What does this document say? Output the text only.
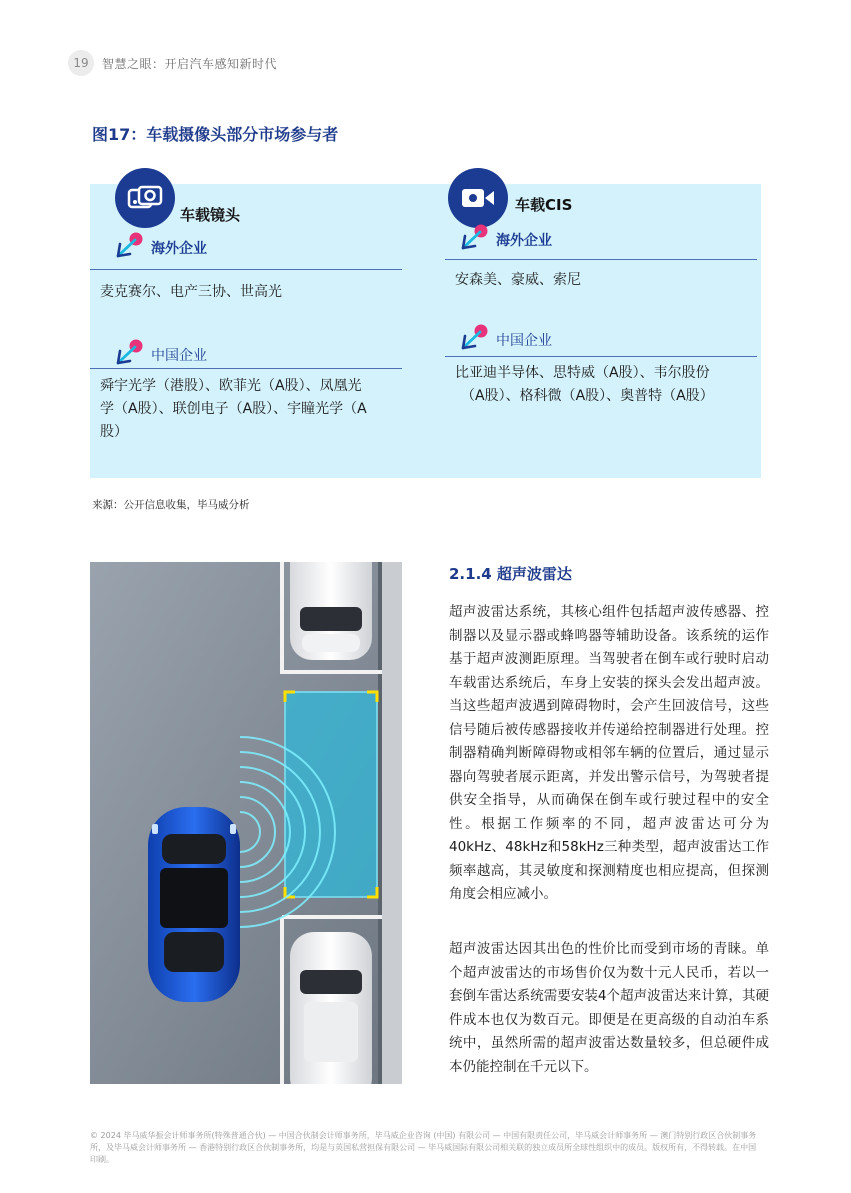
19	智慧之眼：开启汽车感知新时代
图17：车载摄像头部分市场参与者
车载镜头
海外企业
麦克赛尔、电产三协、世高光
中国企业
舜宇光学（港股）、欧菲光（A股）、凤凰光
学（A股）、联创电子（A股）、宇瞳光学（A
股）
车载CIS
海外企业
安森美、豪威、索尼
中国企业
比亚迪半导体、思特威（A股）、韦尔股份
（A股）、格科微（A股）、奥普特（A股）
来源：公开信息收集，毕马威分析
2.1.4 超声波雷达

超声波雷达系统，其核心组件包括超声波传感器、控制器以及显示器或蜂鸣器等辅助设备。该系统的运作基于超声波测距原理。当驾驶者在倒车或行驶时启动车载雷达系统后，车身上安装的探头会发出超声波。当这些超声波遇到障碍物时，会产生回波信号，这些信号随后被传感器接收并传递给控制器进行处理。控制器精确判断障碍物或相邻车辆的位置后，通过显示器向驾驶者展示距离，并发出警示信号，为驾驶者提供安全指导，从而确保在倒车或行驶过程中的安全性。根据工作频率的不同，超声波雷达可分为40kHz、48kHz和58kHz三种类型，超声波雷达工作频率越高，其灵敏度和探测精度也相应提高，但探测角度会相应减小。

超声波雷达因其出色的性价比而受到市场的青睐。单个超声波雷达的市场售价仅为数十元人民币，若以一套倒车雷达系统需要安装4个超声波雷达来计算，其硬件成本也仅为数百元。即便是在更高级的自动泊车系统中，虽然所需的超声波雷达数量较多，但总硬件成本仍能控制在千元以下。

© 2024 毕马威华振会计师事务所(特殊普通合伙) — 中国合伙制会计师事务所，毕马威企业咨询 (中国) 有限公司 — 中国有限责任公司，毕马威会计师事务所 — 澳门特别行政区合伙制事务所，及毕马威会计师事务所 — 香港特别行政区合伙制事务所，均是与英国私营担保有限公司 — 毕马威国际有限公司相关联的独立成员所全球性组织中的成员。版权所有，不得转载。在中国印刷。
